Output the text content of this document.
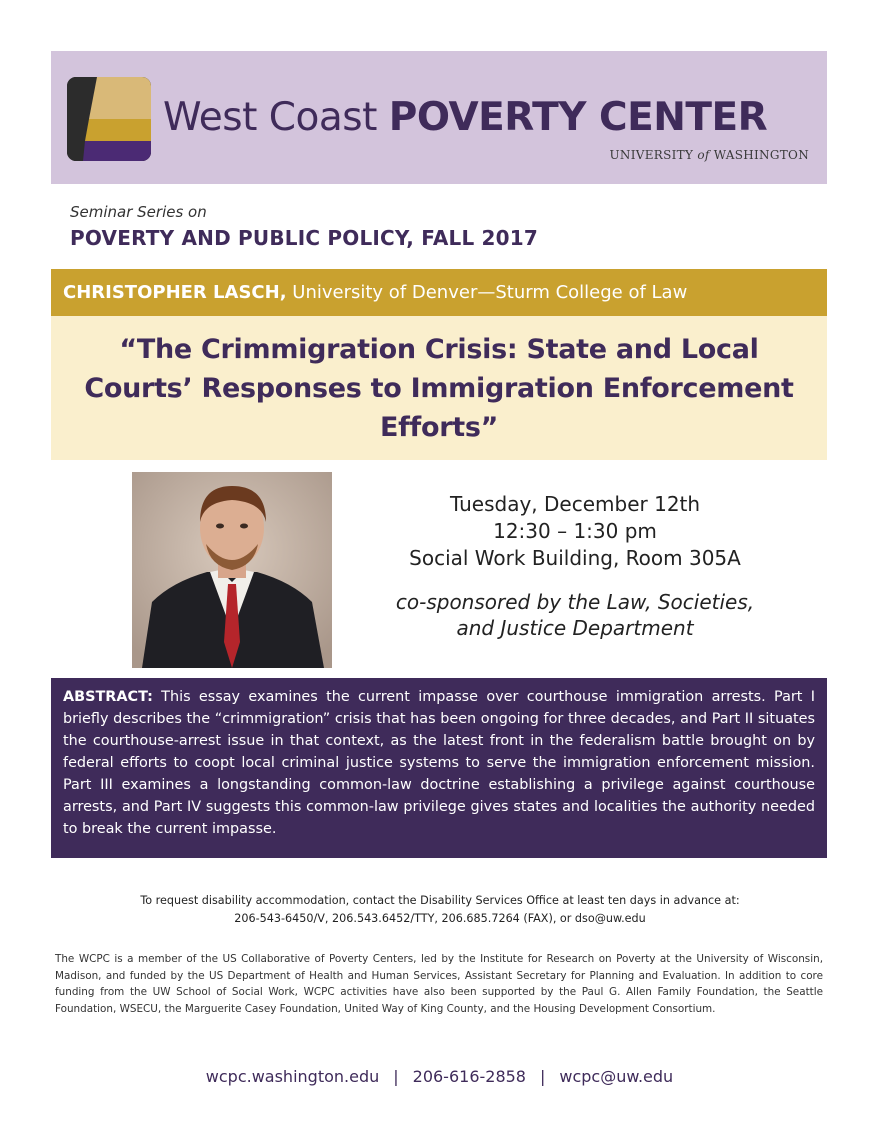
West Coast POVERTY CENTER
UNIVERSITY of WASHINGTON
Seminar Series on
POVERTY AND PUBLIC POLICY, FALL 2017
CHRISTOPHER LASCH, University of Denver—Sturm College of Law
“The Crimmigration Crisis: State and Local Courts’ Responses to Immigration Enforcement Efforts”
Tuesday, December 12th
12:30 – 1:30 pm
Social Work Building, Room 305A
co-sponsored by the Law, Societies,
and Justice Department
ABSTRACT: This essay examines the current impasse over courthouse immigration arrests. Part I briefly describes the “crimmigration” crisis that has been ongoing for three decades, and Part II situates the courthouse-arrest issue in that context, as the latest front in the federalism battle brought on by federal efforts to coopt local criminal justice systems to serve the immigration enforcement mission. Part III examines a longstanding common-law doctrine establishing a privilege against courthouse arrests, and Part IV suggests this common-law privilege gives states and localities the authority needed to break the current impasse.
To request disability accommodation, contact the Disability Services Office at least ten days in advance at:
206-543-6450/V, 206.543.6452/TTY, 206.685.7264 (FAX), or dso@uw.edu
The WCPC is a member of the US Collaborative of Poverty Centers, led by the Institute for Research on Poverty at the University of Wisconsin, Madison, and funded by the US Department of Health and Human Services, Assistant Secretary for Planning and Evaluation. In addition to core funding from the UW School of Social Work, WCPC activities have also been supported by the Paul G. Allen Family Foundation, the Seattle Foundation, WSECU, the Marguerite Casey Foundation, United Way of King County, and the Housing Development Consortium.
wcpc.washington.edu | 206-616-2858 | wcpc@uw.edu
